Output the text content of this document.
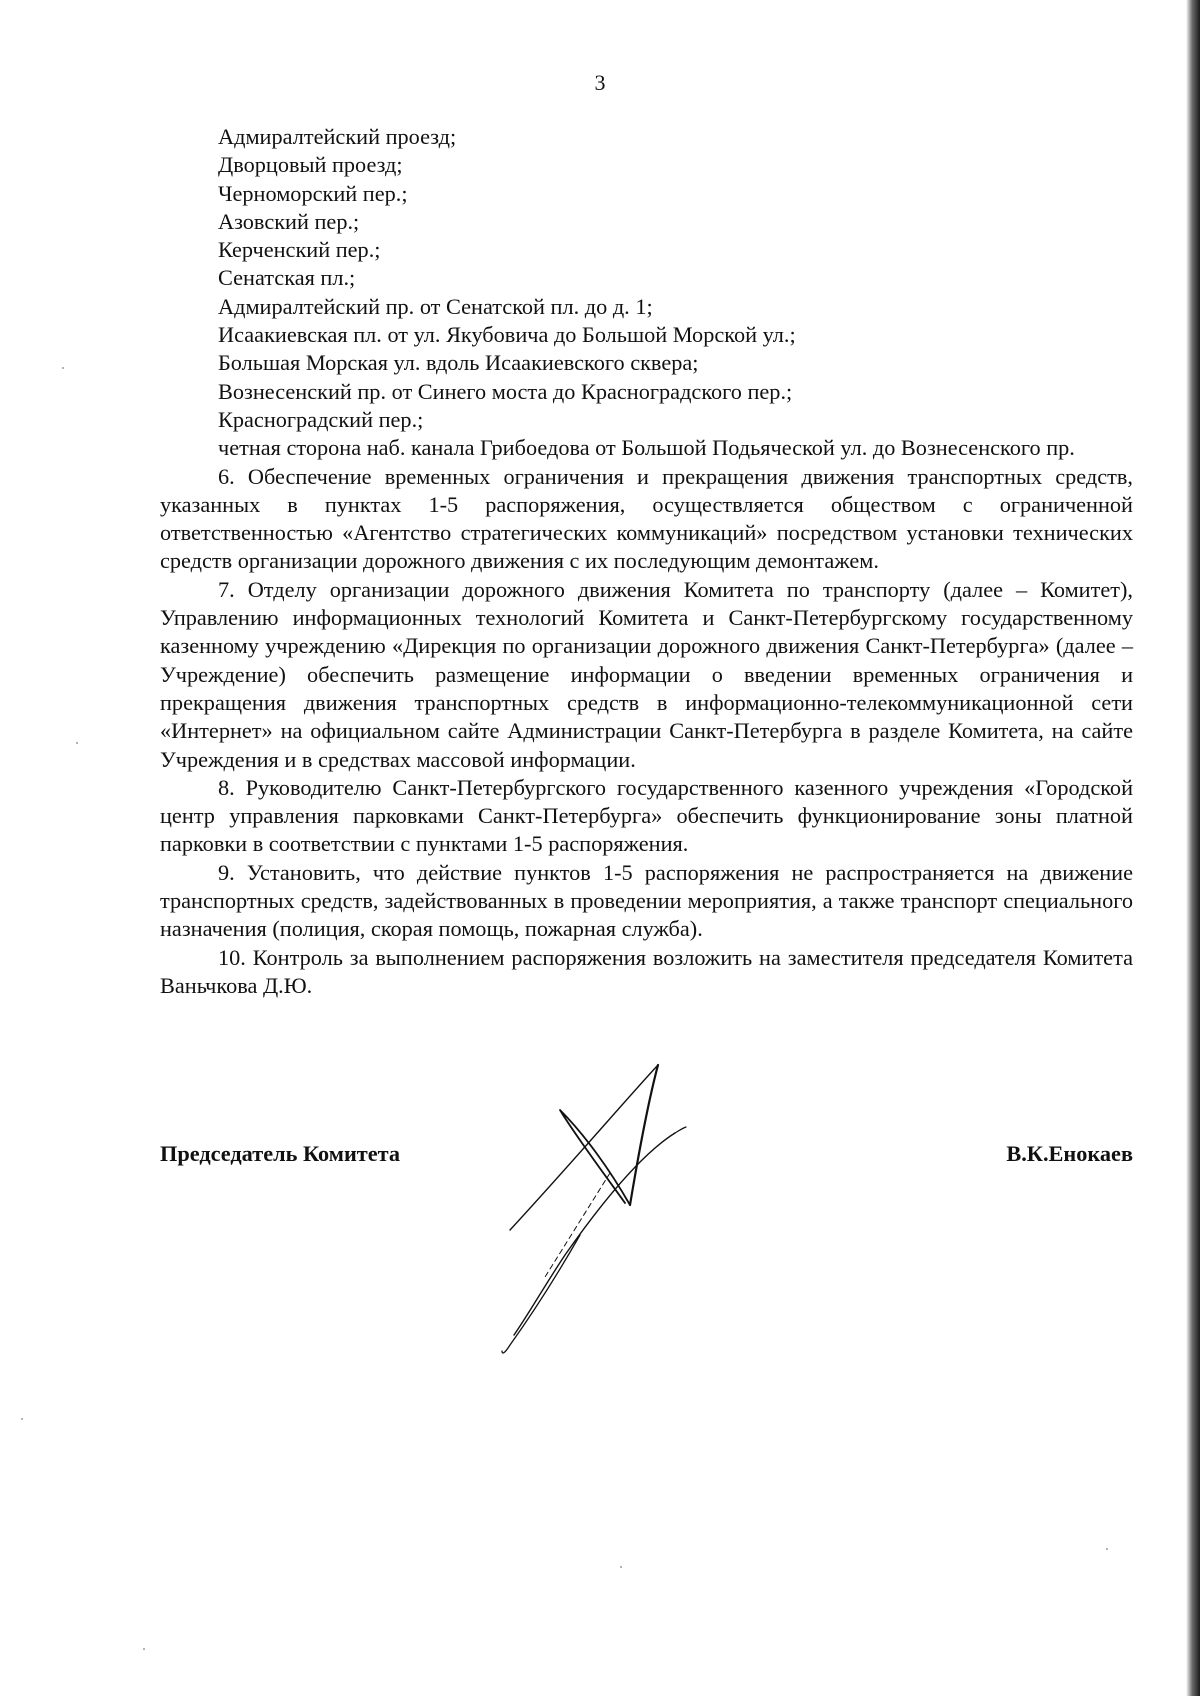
3
Адмиралтейский проезд;
Дворцовый проезд;
Черноморский пер.;
Азовский пер.;
Керченский пер.;
Сенатская пл.;
Адмиралтейский пр. от Сенатской пл. до д. 1;
Исаакиевская пл. от ул. Якубовича до Большой Морской ул.;
Большая Морская ул. вдоль Исаакиевского сквера;
Вознесенский пр. от Синего моста до Красноградского пер.;
Красноградский пер.;

четная сторона наб. канала Грибоедова от Большой Подьяческой ул. до Вознесенского пр.

6. Обеспечение временных ограничения и прекращения движения транспортных средств, указанных в пунктах 1-5 распоряжения, осуществляется обществом с ограниченной ответственностью «Агентство стратегических коммуникаций» посредством установки технических средств организации дорожного движения с их последующим демонтажем.

7. Отделу организации дорожного движения Комитета по транспорту (далее – Комитет), Управлению информационных технологий Комитета и Санкт-Петербургскому государственному казенному учреждению «Дирекция по организации дорожного движения Санкт-Петербурга» (далее – Учреждение) обеспечить размещение информации о введении временных ограничения и прекращения движения транспортных средств в информационно-телекоммуникационной сети «Интернет» на официальном сайте Администрации Санкт-Петербурга в разделе Комитета, на сайте Учреждения и в средствах массовой информации.

8. Руководителю Санкт-Петербургского государственного казенного учреждения «Городской центр управления парковками Санкт-Петербурга» обеспечить функционирование зоны платной парковки в соответствии с пунктами 1-5 распоряжения.

9. Установить, что действие пунктов 1-5 распоряжения не распространяется на движение транспортных средств, задействованных в проведении мероприятия, а также транспорт специального назначения (полиция, скорая помощь, пожарная служба).

10. Контроль за выполнением распоряжения возложить на заместителя председателя Комитета Ваньчкова Д.Ю.

Председатель Комитета	В.К.Енокаев
